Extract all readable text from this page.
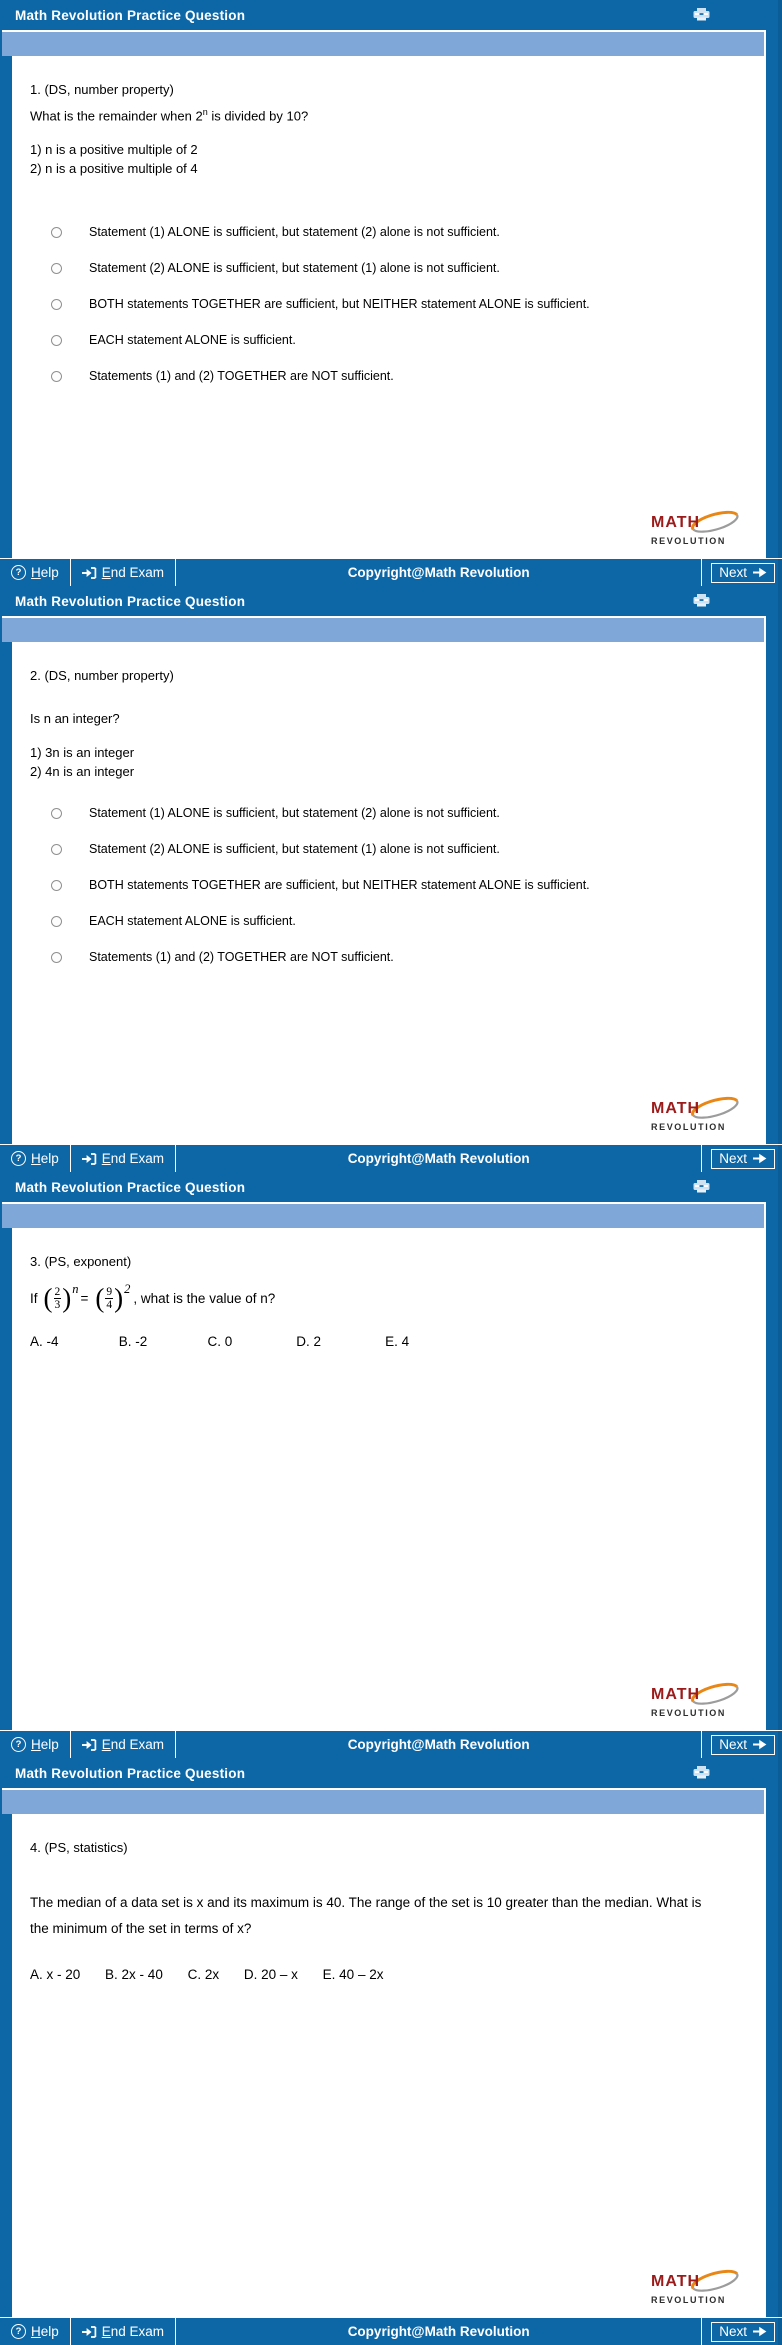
Math Revolution Practice Question
1. (DS, number property)
What is the remainder when 2$^n$ is divided by 10?
1) n is a positive multiple of 2
2) n is a positive multiple of 4
Statement (1) ALONE is sufficient, but statement (2) alone is not sufficient.
Statement (2) ALONE is sufficient, but statement (1) alone is not sufficient.
BOTH statements TOGETHER are sufficient, but NEITHER statement ALONE is sufficient.
EACH statement ALONE is sufficient.
Statements (1) and (2) TOGETHER are NOT sufficient.
MATH
REVOLUTION
? Help	End Exam	Copyright@Math Revolution	Next
Math Revolution Practice Question
2. (DS, number property)
Is n an integer?
1) 3n is an integer
2) 4n is an integer
Statement (1) ALONE is sufficient, but statement (2) alone is not sufficient.
Statement (2) ALONE is sufficient, but statement (1) alone is not sufficient.
BOTH statements TOGETHER are sufficient, but NEITHER statement ALONE is sufficient.
EACH statement ALONE is sufficient.
Statements (1) and (2) TOGETHER are NOT sufficient.
MATH
REVOLUTION
? Help	End Exam	Copyright@Math Revolution	Next
Math Revolution Practice Question
3. (PS, exponent)
If ( $\frac{2}{3}$ ) n
= ( $\frac{9}{4}$ ) 2
, what is the value of n?
A. -4	B. -2	C. 0	D. 2	E. 4
MATH
REVOLUTION
? Help	End Exam	Copyright@Math Revolution	Next
Math Revolution Practice Question
4. (PS, statistics)
The median of a data set is x and its maximum is 40. The range of the set is 10 greater than the median. What is
the minimum of the set in terms of x?
A. x - 20 B. 2x - 40 C. 2x D. 20 – x E. 40 – 2x
MATH
REVOLUTION
? Help	End Exam	Copyright@Math Revolution	Next
